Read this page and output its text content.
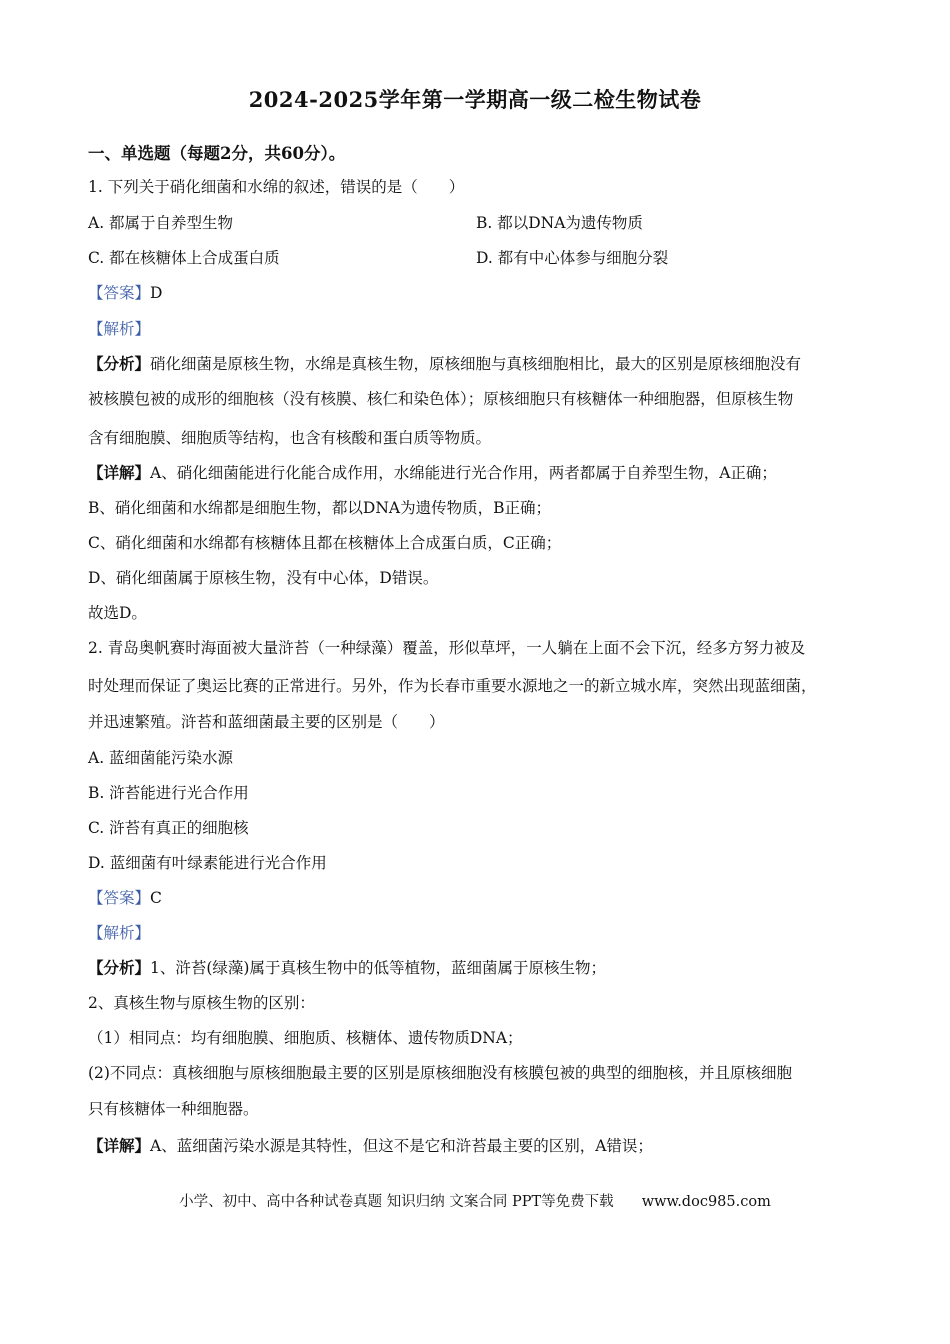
2024-2025学年第一学期高一级二检生物试卷
一、单选题（每题2分，共60分）。
1. 下列关于硝化细菌和水绵的叙述，错误的是（　　）
A. 都属于自养型生物	B. 都以DNA为遗传物质
C. 都在核糖体上合成蛋白质	D. 都有中心体参与细胞分裂
【答案】D
【解析】
【分析】硝化细菌是原核生物，水绵是真核生物，原核细胞与真核细胞相比，最大的区别是原核细胞没有
被核膜包被的成形的细胞核（没有核膜、核仁和染色体）；原核细胞只有核糖体一种细胞器，但原核生物
含有细胞膜、细胞质等结构，也含有核酸和蛋白质等物质。
【详解】A、硝化细菌能进行化能合成作用，水绵能进行光合作用，两者都属于自养型生物，A正确；
B、硝化细菌和水绵都是细胞生物，都以DNA为遗传物质，B正确；
C、硝化细菌和水绵都有核糖体且都在核糖体上合成蛋白质，C正确；
D、硝化细菌属于原核生物，没有中心体，D错误。
故选D。
2. 青岛奥帆赛时海面被大量浒苔（一种绿藻）覆盖，形似草坪，一人躺在上面不会下沉，经多方努力被及
时处理而保证了奥运比赛的正常进行。另外，作为长春市重要水源地之一的新立城水库，突然出现蓝细菌，
并迅速繁殖。浒苔和蓝细菌最主要的区别是（　　）
A. 蓝细菌能污染水源
B. 浒苔能进行光合作用
C. 浒苔有真正的细胞核
D. 蓝细菌有叶绿素能进行光合作用
【答案】C
【解析】
【分析】1、浒苔(绿藻)属于真核生物中的低等植物，蓝细菌属于原核生物；
2、真核生物与原核生物的区别：
（1）相同点：均有细胞膜、细胞质、核糖体、遗传物质DNA；
(2)不同点：真核细胞与原核细胞最主要的区别是原核细胞没有核膜包被的典型的细胞核，并且原核细胞
只有核糖体一种细胞器。
【详解】A、蓝细菌污染水源是其特性，但这不是它和浒苔最主要的区别，A错误；
小学、初中、高中各种试卷真题 知识归纳 文案合同 PPT等免费下载 www.doc985.com
